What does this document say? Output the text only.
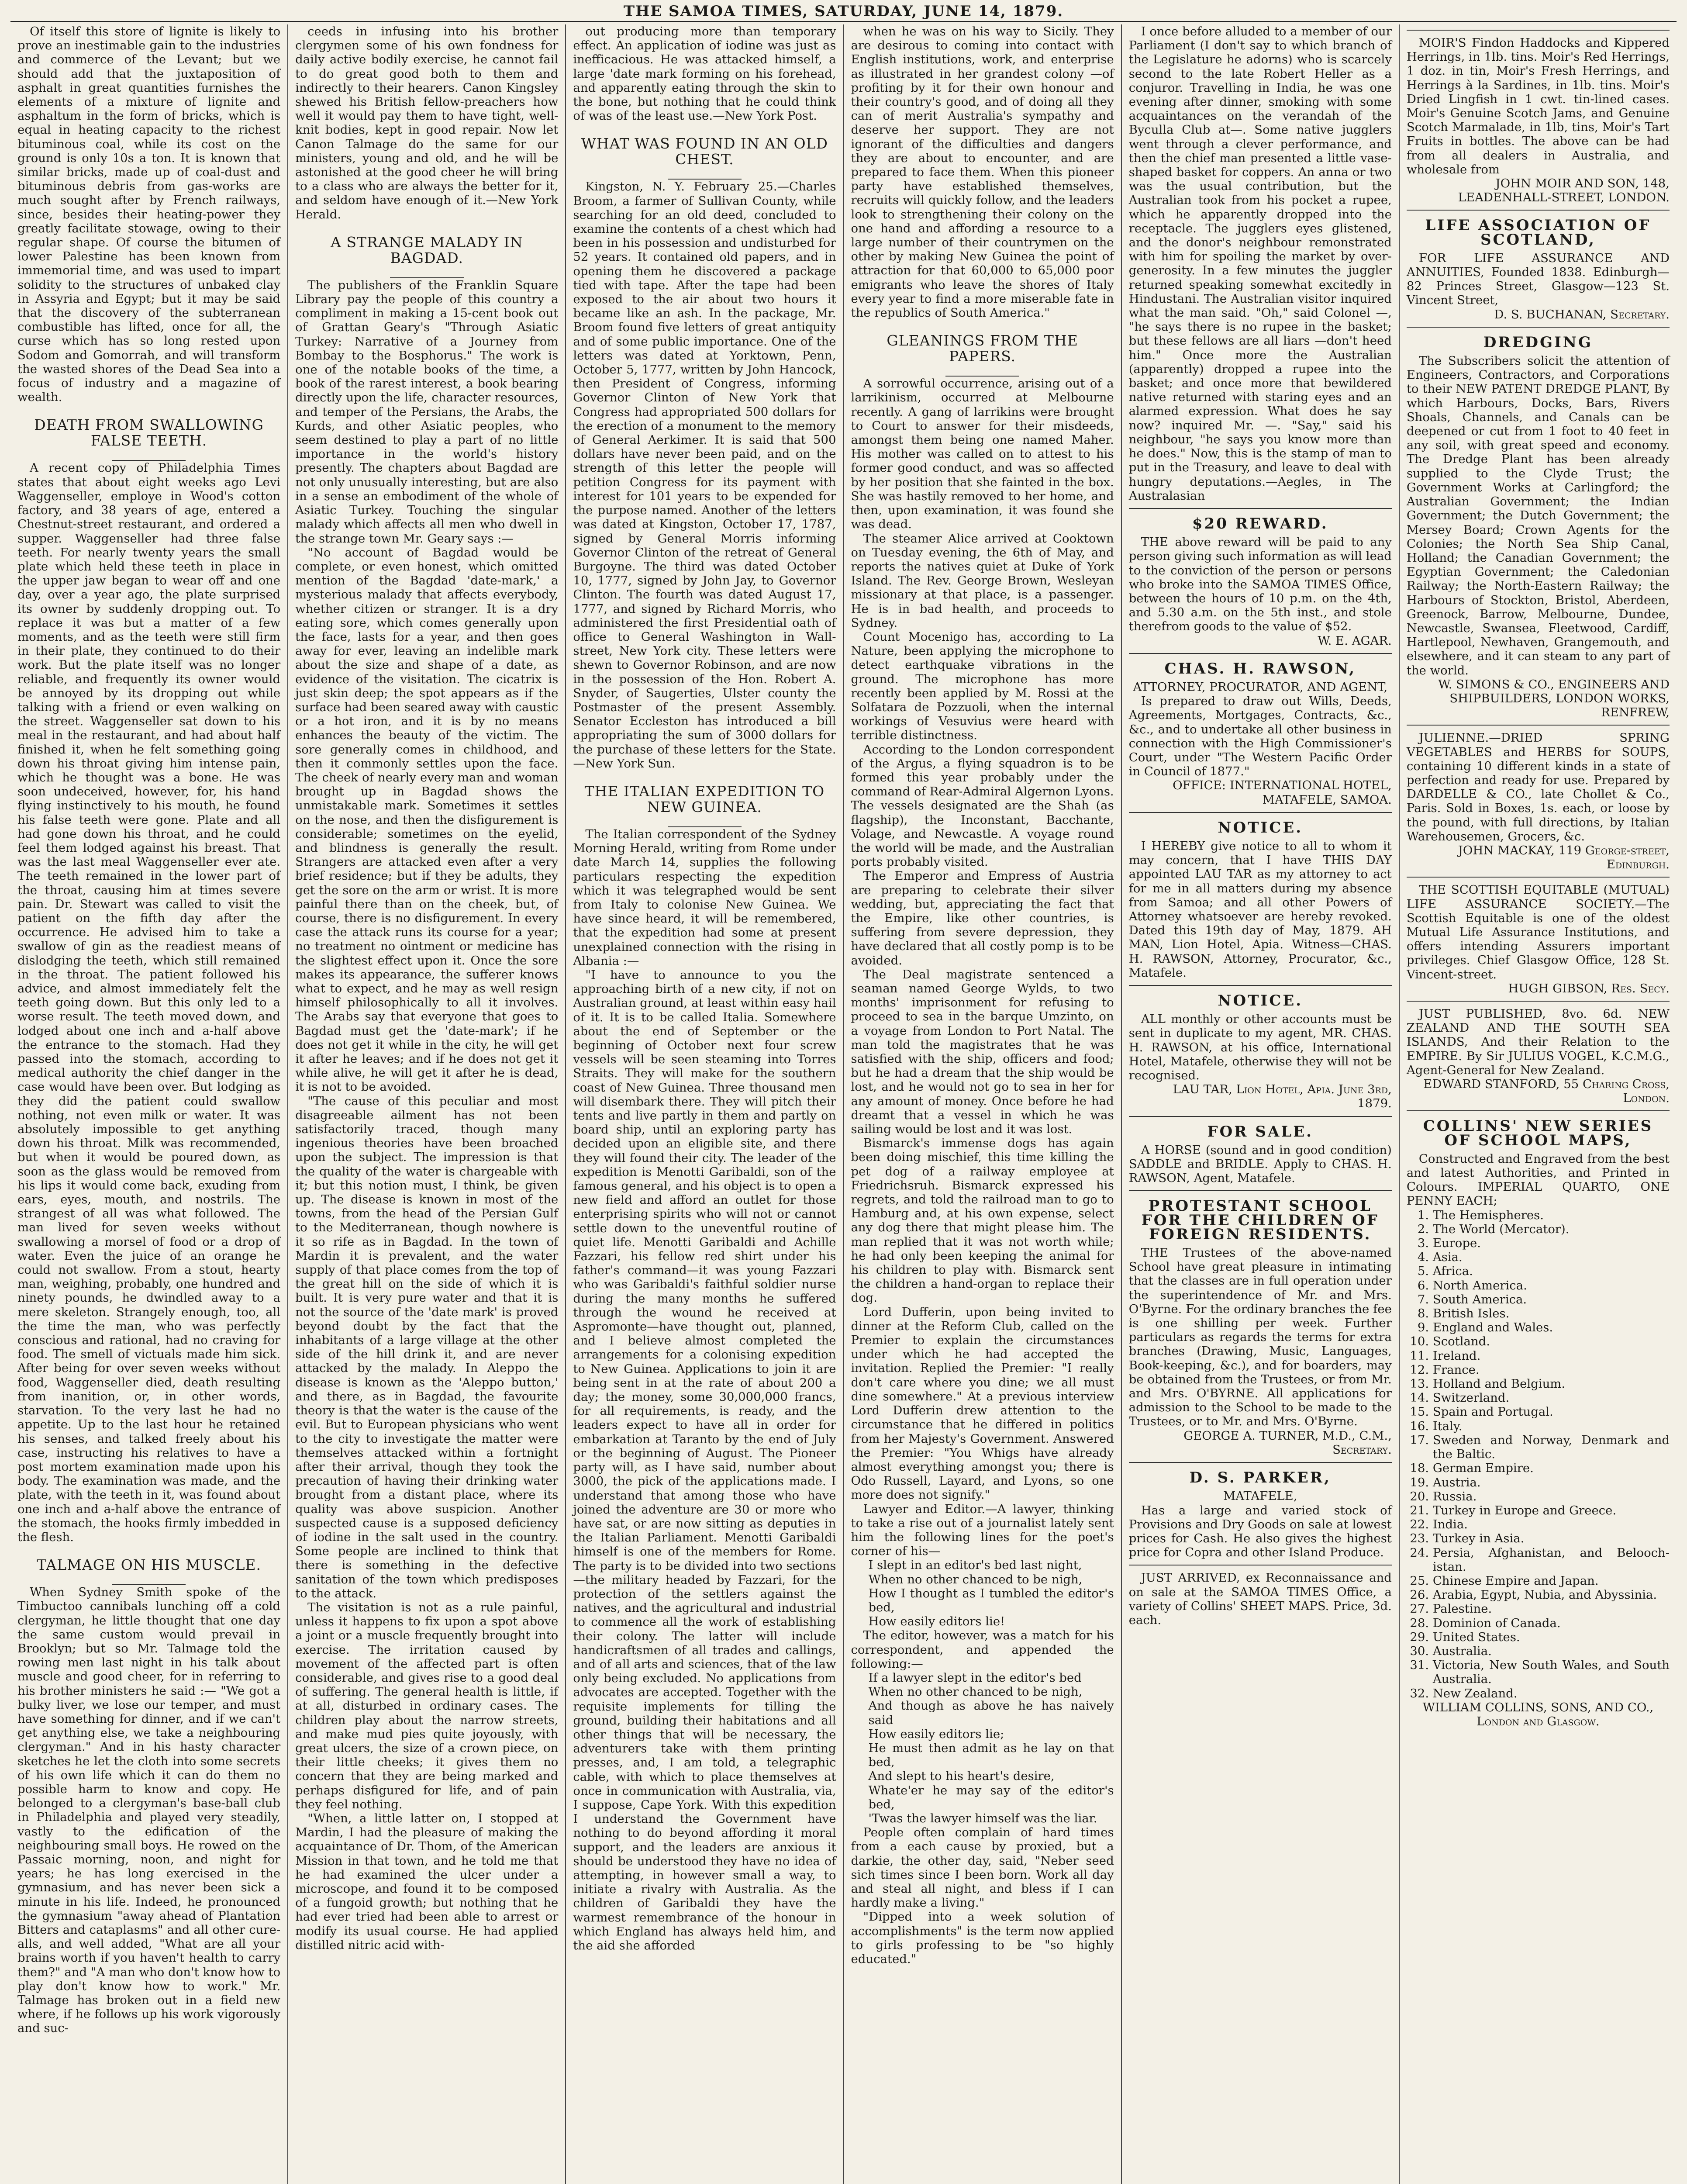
THE SAMOA TIMES, SATURDAY, JUNE 14, 1879.

Of itself this store of lignite is likely to prove an inestimable gain to the industries and commerce of the Levant; but we should add that the juxtaposition of asphalt in great quantities furnishes the elements of a mixture of lignite and asphaltum in the form of bricks, which is equal in heating capacity to the richest bituminous coal, while its cost on the ground is only 10s a ton. It is known that similar bricks, made up of coal-dust and bituminous debris from gas-works are much sought after by French railways, since, besides their heating-power they greatly facilitate stowage, owing to their regular shape. Of course the bitumen of lower Palestine has been known from immemorial time, and was used to impart solidity to the structures of unbaked clay in Assyria and Egypt; but it may be said that the discovery of the subterranean combustible has lifted, once for all, the curse which has so long rested upon Sodom and Gomorrah, and will transform the wasted shores of the Dead Sea into a focus of industry and a magazine of wealth.

DEATH FROM SWALLOWING FALSE TEETH.

A recent copy of Philadelphia Times states that about eight weeks ago Levi Waggenseller, employe in Wood's cotton factory, and 38 years of age, entered a Chestnut-street restaurant, and ordered a supper. Waggenseller had three false teeth. For nearly twenty years the small plate which held these teeth in place in the upper jaw began to wear off and one day, over a year ago, the plate surprised its owner by suddenly dropping out. To replace it was but a matter of a few moments, and as the teeth were still firm in their plate, they continued to do their work. But the plate itself was no longer reliable, and frequently its owner would be annoyed by its dropping out while talking with a friend or even walking on the street. Waggenseller sat down to his meal in the restaurant, and had about half finished it, when he felt something going down his throat giving him intense pain, which he thought was a bone. He was soon undeceived, however, for, his hand flying instinctively to his mouth, he found his false teeth were gone. Plate and all had gone down his throat, and he could feel them lodged against his breast. That was the last meal Waggenseller ever ate. The teeth remained in the lower part of the throat, causing him at times severe pain. Dr. Stewart was called to visit the patient on the fifth day after the occurrence. He advised him to take a swallow of gin as the readiest means of dislodging the teeth, which still remained in the throat. The patient followed his advice, and almost immediately felt the teeth going down. But this only led to a worse result. The teeth moved down, and lodged about one inch and a-half above the entrance to the stomach. Had they passed into the stomach, according to medical authority the chief danger in the case would have been over. But lodging as they did the patient could swallow nothing, not even milk or water. It was absolutely impossible to get anything down his throat. Milk was recommended, but when it would be poured down, as soon as the glass would be removed from his lips it would come back, exuding from ears, eyes, mouth, and nostrils. The strangest of all was what followed. The man lived for seven weeks without swallowing a morsel of food or a drop of water. Even the juice of an orange he could not swallow. From a stout, hearty man, weighing, probably, one hundred and ninety pounds, he dwindled away to a mere skeleton. Strangely enough, too, all the time the man, who was perfectly conscious and rational, had no craving for food. The smell of victuals made him sick. After being for over seven weeks without food, Waggenseller died, death resulting from inanition, or, in other words, starvation. To the very last he had no appetite. Up to the last hour he retained his senses, and talked freely about his case, instructing his relatives to have a post mortem examination made upon his body. The examination was made, and the plate, with the teeth in it, was found about one inch and a-half above the entrance of the stomach, the hooks firmly imbedded in the flesh.

TALMAGE ON HIS MUSCLE.

When Sydney Smith spoke of the Timbuctoo cannibals lunching off a cold clergyman, he little thought that one day the same custom would prevail in Brooklyn; but so Mr. Talmage told the rowing men last night in his talk about muscle and good cheer, for in referring to his brother ministers he said :— "We got a bulky liver, we lose our temper, and must have something for dinner, and if we can't get anything else, we take a neighbouring clergyman." And in his hasty character sketches he let the cloth into some secrets of his own life which it can do them no possible harm to know and copy. He belonged to a clergyman's base-ball club in Philadelphia and played very steadily, vastly to the edification of the neighbouring small boys. He rowed on the Passaic morning, noon, and night for years; he has long exercised in the gymnasium, and has never been sick a minute in his life. Indeed, he pronounced the gymnasium "away ahead of Plantation Bitters and cataplasms" and all other cure-alls, and well added, "What are all your brains worth if you haven't health to carry them?" and "A man who don't know how to play don't know how to work." Mr. Talmage has broken out in a field new where, if he follows up his work vigorously and suc-

ceeds in infusing into his brother clergymen some of his own fondness for daily active bodily exercise, he cannot fail to do great good both to them and indirectly to their hearers. Canon Kingsley shewed his British fellow-preachers how well it would pay them to have tight, well-knit bodies, kept in good repair. Now let Canon Talmage do the same for our ministers, young and old, and he will be astonished at the good cheer he will bring to a class who are always the better for it, and seldom have enough of it.—New York Herald.

A STRANGE MALADY IN BAGDAD.

The publishers of the Franklin Square Library pay the people of this country a compliment in making a 15-cent book out of Grattan Geary's "Through Asiatic Turkey: Narrative of a Journey from Bombay to the Bosphorus." The work is one of the notable books of the time, a book of the rarest interest, a book bearing directly upon the life, character resources, and temper of the Persians, the Arabs, the Kurds, and other Asiatic peoples, who seem destined to play a part of no little importance in the world's history presently. The chapters about Bagdad are not only unusually interesting, but are also in a sense an embodiment of the whole of Asiatic Turkey. Touching the singular malady which affects all men who dwell in the strange town Mr. Geary says :—

"No account of Bagdad would be complete, or even honest, which omitted mention of the Bagdad 'date-mark,' a mysterious malady that affects everybody, whether citizen or stranger. It is a dry eating sore, which comes generally upon the face, lasts for a year, and then goes away for ever, leaving an indelible mark about the size and shape of a date, as evidence of the visitation. The cicatrix is just skin deep; the spot appears as if the surface had been seared away with caustic or a hot iron, and it is by no means enhances the beauty of the victim. The sore generally comes in childhood, and then it commonly settles upon the face. The cheek of nearly every man and woman brought up in Bagdad shows the unmistakable mark. Sometimes it settles on the nose, and then the disfigurement is considerable; sometimes on the eyelid, and blindness is generally the result. Strangers are attacked even after a very brief residence; but if they be adults, they get the sore on the arm or wrist. It is more painful there than on the cheek, but, of course, there is no disfigurement. In every case the attack runs its course for a year; no treatment no ointment or medicine has the slightest effect upon it. Once the sore makes its appearance, the sufferer knows what to expect, and he may as well resign himself philosophically to all it involves. The Arabs say that everyone that goes to Bagdad must get the 'date-mark'; if he does not get it while in the city, he will get it after he leaves; and if he does not get it while alive, he will get it after he is dead, it is not to be avoided.

"The cause of this peculiar and most disagreeable ailment has not been satisfactorily traced, though many ingenious theories have been broached upon the subject. The impression is that the quality of the water is chargeable with it; but this notion must, I think, be given up. The disease is known in most of the towns, from the head of the Persian Gulf to the Mediterranean, though nowhere is it so rife as in Bagdad. In the town of Mardin it is prevalent, and the water supply of that place comes from the top of the great hill on the side of which it is built. It is very pure water and that it is not the source of the 'date mark' is proved beyond doubt by the fact that the inhabitants of a large village at the other side of the hill drink it, and are never attacked by the malady. In Aleppo the disease is known as the 'Aleppo button,' and there, as in Bagdad, the favourite theory is that the water is the cause of the evil. But to European physicians who went to the city to investigate the matter were themselves attacked within a fortnight after their arrival, though they took the precaution of having their drinking water brought from a distant place, where its quality was above suspicion. Another suspected cause is a supposed deficiency of iodine in the salt used in the country. Some people are inclined to think that there is something in the defective sanitation of the town which predisposes to the attack.

The visitation is not as a rule painful, unless it happens to fix upon a spot above a joint or a muscle frequently brought into exercise. The irritation caused by movement of the affected part is often considerable, and gives rise to a good deal of suffering. The general health is little, if at all, disturbed in ordinary cases. The children play about the narrow streets, and make mud pies quite joyously, with great ulcers, the size of a crown piece, on their little cheeks; it gives them no concern that they are being marked and perhaps disfigured for life, and of pain they feel nothing.

"When, a little latter on, I stopped at Mardin, I had the pleasure of making the acquaintance of Dr. Thom, of the American Mission in that town, and he told me that he had examined the ulcer under a microscope, and found it to be composed of a fungoid growth; but nothing that he had ever tried had been able to arrest or modify its usual course. He had applied distilled nitric acid with-

out producing more than temporary effect. An application of iodine was just as inefficacious. He was attacked himself, a large 'date mark forming on his forehead, and apparently eating through the skin to the bone, but nothing that he could think of was of the least use.—New York Post.

WHAT WAS FOUND IN AN OLD CHEST.

Kingston, N. Y. February 25.—Charles Broom, a farmer of Sullivan County, while searching for an old deed, concluded to examine the contents of a chest which had been in his possession and undisturbed for 52 years. It contained old papers, and in opening them he discovered a package tied with tape. After the tape had been exposed to the air about two hours it became like an ash. In the package, Mr. Broom found five letters of great antiquity and of some public importance. One of the letters was dated at Yorktown, Penn, October 5, 1777, written by John Hancock, then President of Congress, informing Governor Clinton of New York that Congress had appropriated 500 dollars for the erection of a monument to the memory of General Aerkimer. It is said that 500 dollars have never been paid, and on the strength of this letter the people will petition Congress for its payment with interest for 101 years to be expended for the purpose named. Another of the letters was dated at Kingston, October 17, 1787, signed by General Morris informing Governor Clinton of the retreat of General Burgoyne. The third was dated October 10, 1777, signed by John Jay, to Governor Clinton. The fourth was dated August 17, 1777, and signed by Richard Morris, who administered the first Presidential oath of office to General Washington in Wall-street, New York city. These letters were shewn to Governor Robinson, and are now in the possession of the Hon. Robert A. Snyder, of Saugerties, Ulster county the Postmaster of the present Assembly. Senator Eccleston has introduced a bill appropriating the sum of 3000 dollars for the purchase of these letters for the State.—New York Sun.

THE ITALIAN EXPEDITION TO NEW GUINEA.

The Italian correspondent of the Sydney Morning Herald, writing from Rome under date March 14, supplies the following particulars respecting the expedition which it was telegraphed would be sent from Italy to colonise New Guinea. We have since heard, it will be remembered, that the expedition had some at present unexplained connection with the rising in Albania :—

"I have to announce to you the approaching birth of a new city, if not on Australian ground, at least within easy hail of it. It is to be called Italia. Somewhere about the end of September or the beginning of October next four screw vessels will be seen steaming into Torres Straits. They will make for the southern coast of New Guinea. Three thousand men will disembark there. They will pitch their tents and live partly in them and partly on board ship, until an exploring party has decided upon an eligible site, and there they will found their city. The leader of the expedition is Menotti Garibaldi, son of the famous general, and his object is to open a new field and afford an outlet for those enterprising spirits who will not or cannot settle down to the uneventful routine of quiet life. Menotti Garibaldi and Achille Fazzari, his fellow red shirt under his father's command—it was young Fazzari who was Garibaldi's faithful soldier nurse during the many months he suffered through the wound he received at Aspromonte—have thought out, planned, and I believe almost completed the arrangements for a colonising expedition to New Guinea. Applications to join it are being sent in at the rate of about 200 a day; the money, some 30,000,000 francs, for all requirements, is ready, and the leaders expect to have all in order for embarkation at Taranto by the end of July or the beginning of August. The Pioneer party will, as I have said, number about 3000, the pick of the applications made. I understand that among those who have joined the adventure are 30 or more who have sat, or are now sitting as deputies in the Italian Parliament. Menotti Garibaldi himself is one of the members for Rome. The party is to be divided into two sections—the military headed by Fazzari, for the protection of the settlers against the natives, and the agricultural and industrial to commence all the work of establishing their colony. The latter will include handicraftsmen of all trades and callings, and of all arts and sciences, that of the law only being excluded. No applications from advocates are accepted. Together with the requisite implements for tilling the ground, building their habitations and all other things that will be necessary, the adventurers take with them printing presses, and, I am told, a telegraphic cable, with which to place themselves at once in communication with Australia, via, I suppose, Cape York. With this expedition I understand the Government have nothing to do beyond affording it moral support, and the leaders are anxious it should be understood they have no idea of attempting, in however small a way, to initiate a rivalry with Australia. As the children of Garibaldi they have the warmest remembrance of the honour in which England has always held him, and the aid she afforded

when he was on his way to Sicily. They are desirous to coming into contact with English institutions, work, and enterprise as illustrated in her grandest colony —of profiting by it for their own honour and their country's good, and of doing all they can of merit Australia's sympathy and deserve her support. They are not ignorant of the difficulties and dangers they are about to encounter, and are prepared to face them. When this pioneer party have established themselves, recruits will quickly follow, and the leaders look to strengthening their colony on the one hand and affording a resource to a large number of their countrymen on the other by making New Guinea the point of attraction for that 60,000 to 65,000 poor emigrants who leave the shores of Italy every year to find a more miserable fate in the republics of South America."

GLEANINGS FROM THE PAPERS.

A sorrowful occurrence, arising out of a larrikinism, occurred at Melbourne recently. A gang of larrikins were brought to Court to answer for their misdeeds, amongst them being one named Maher. His mother was called on to attest to his former good conduct, and was so affected by her position that she fainted in the box. She was hastily removed to her home, and then, upon examination, it was found she was dead.

The steamer Alice arrived at Cooktown on Tuesday evening, the 6th of May, and reports the natives quiet at Duke of York Island. The Rev. George Brown, Wesleyan missionary at that place, is a passenger. He is in bad health, and proceeds to Sydney.

Count Mocenigo has, according to La Nature, been applying the microphone to detect earthquake vibrations in the ground. The microphone has more recently been applied by M. Rossi at the Solfatara de Pozzuoli, when the internal workings of Vesuvius were heard with terrible distinctness.

According to the London correspondent of the Argus, a flying squadron is to be formed this year probably under the command of Rear-Admiral Algernon Lyons. The vessels designated are the Shah (as flagship), the Inconstant, Bacchante, Volage, and Newcastle. A voyage round the world will be made, and the Australian ports probably visited.

The Emperor and Empress of Austria are preparing to celebrate their silver wedding, but, appreciating the fact that the Empire, like other countries, is suffering from severe depression, they have declared that all costly pomp is to be avoided.

The Deal magistrate sentenced a seaman named George Wylds, to two months' imprisonment for refusing to proceed to sea in the barque Umzinto, on a voyage from London to Port Natal. The man told the magistrates that he was satisfied with the ship, officers and food; but he had a dream that the ship would be lost, and he would not go to sea in her for any amount of money. Once before he had dreamt that a vessel in which he was sailing would be lost and it was lost.

Bismarck's immense dogs has again been doing mischief, this time killing the pet dog of a railway employee at Friedrichsruh. Bismarck expressed his regrets, and told the railroad man to go to Hamburg and, at his own expense, select any dog there that might please him. The man replied that it was not worth while; he had only been keeping the animal for his children to play with. Bismarck sent the children a hand-organ to replace their dog.

Lord Dufferin, upon being invited to dinner at the Reform Club, called on the Premier to explain the circumstances under which he had accepted the invitation. Replied the Premier: "I really don't care where you dine; we all must dine somewhere." At a previous interview Lord Dufferin drew attention to the circumstance that he differed in politics from her Majesty's Government. Answered the Premier: "You Whigs have already almost everything amongst you; there is Odo Russell, Layard, and Lyons, so one more does not signify."

Lawyer and Editor.—A lawyer, thinking to take a rise out of a journalist lately sent him the following lines for the poet's corner of his—

I slept in an editor's bed last night,
When no other chanced to be nigh,
How I thought as I tumbled the editor's bed,
How easily editors lie!

The editor, however, was a match for his correspondent, and appended the following:—

If a lawyer slept in the editor's bed
When no other chanced to be nigh,
And though as above he has naively said
How easily editors lie;
He must then admit as he lay on that bed,
And slept to his heart's desire,
Whate'er he may say of the editor's bed,
'Twas the lawyer himself was the liar.

People often complain of hard times from a each cause by proxied, but a darkie, the other day, said, "Neber seed sich times since I been born. Work all day and steal all night, and bless if I can hardly make a living."

"Dipped into a week solution of accomplishments" is the term now applied to girls professing to be "so highly educated."

I once before alluded to a member of our Parliament (I don't say to which branch of the Legislature he adorns) who is scarcely second to the late Robert Heller as a conjuror. Travelling in India, he was one evening after dinner, smoking with some acquaintances on the verandah of the Byculla Club at—. Some native jugglers went through a clever performance, and then the chief man presented a little vase-shaped basket for coppers. An anna or two was the usual contribution, but the Australian took from his pocket a rupee, which he apparently dropped into the receptacle. The jugglers eyes glistened, and the donor's neighbour remonstrated with him for spoiling the market by over-generosity. In a few minutes the juggler returned speaking somewhat excitedly in Hindustani. The Australian visitor inquired what the man said. "Oh," said Colonel —, "he says there is no rupee in the basket; but these fellows are all liars —don't heed him." Once more the Australian (apparently) dropped a rupee into the basket; and once more that bewildered native returned with staring eyes and an alarmed expression. What does he say now? inquired Mr. —. "Say," said his neighbour, "he says you know more than he does." Now, this is the stamp of man to put in the Treasury, and leave to deal with hungry deputations.—Aegles, in The Australasian

$20 REWARD.

THE above reward will be paid to any person giving such information as will lead to the conviction of the person or persons who broke into the SAMOA TIMES Office, between the hours of 10 p.m. on the 4th, and 5.30 a.m. on the 5th inst., and stole therefrom goods to the value of $52.

W. E. AGAR.

CHAS. H. RAWSON,

ATTORNEY, PROCURATOR, AND AGENT,

Is prepared to draw out Wills, Deeds, Agreements, Mortgages, Contracts, &c., &c., and to undertake all other business in connection with the High Commissioner's Court, under "The Western Pacific Order in Council of 1877."

OFFICE: INTERNATIONAL HOTEL, MATAFELE, SAMOA.

NOTICE.

I HEREBY give notice to all to whom it may concern, that I have THIS DAY appointed LAU TAR as my attorney to act for me in all matters during my absence from Samoa; and all other Powers of Attorney whatsoever are hereby revoked. Dated this 19th day of May, 1879. AH MAN, Lion Hotel, Apia. Witness—CHAS. H. RAWSON, Attorney, Procurator, &c., Matafele.

NOTICE.

ALL monthly or other accounts must be sent in duplicate to my agent, MR. CHAS. H. RAWSON, at his office, International Hotel, Matafele, otherwise they will not be recognised.

LAU TAR, Lion Hotel, Apia. June 3rd, 1879.

FOR SALE.

A HORSE (sound and in good condition) SADDLE and BRIDLE. Apply to CHAS. H. RAWSON, Agent, Matafele.

PROTESTANT SCHOOL FOR THE CHILDREN OF FOREIGN RESIDENTS.

THE Trustees of the above-named School have great pleasure in intimating that the classes are in full operation under the superintendence of Mr. and Mrs. O'Byrne. For the ordinary branches the fee is one shilling per week. Further particulars as regards the terms for extra branches (Drawing, Music, Languages, Book-keeping, &c.), and for boarders, may be obtained from the Trustees, or from Mr. and Mrs. O'BYRNE. All applications for admission to the School to be made to the Trustees, or to Mr. and Mrs. O'Byrne.

GEORGE A. TURNER, M.D., C.M., Secretary.

D. S. PARKER,

MATAFELE,

Has a large and varied stock of Provisions and Dry Goods on sale at lowest prices for Cash. He also gives the highest price for Copra and other Island Produce.

JUST ARRIVED, ex Reconnaissance and on sale at the SAMOA TIMES Office, a variety of Collins' SHEET MAPS. Price, 3d. each.

MOIR'S Findon Haddocks and Kippered Herrings, in 1lb. tins. Moir's Red Herrings, 1 doz. in tin, Moir's Fresh Herrings, and Herrings à la Sardines, in 1lb. tins. Moir's Dried Lingfish in 1 cwt. tin-lined cases. Moir's Genuine Scotch Jams, and Genuine Scotch Marmalade, in 1lb, tins, Moir's Tart Fruits in bottles. The above can be had from all dealers in Australia, and wholesale from

JOHN MOIR AND SON, 148, LEADENHALL-STREET, LONDON.

LIFE ASSOCIATION OF SCOTLAND,

FOR LIFE ASSURANCE AND ANNUITIES, Founded 1838. Edinburgh—82 Princes Street, Glasgow—123 St. Vincent Street,

D. S. BUCHANAN, Secretary.

DREDGING

The Subscribers solicit the attention of Engineers, Contractors, and Corporations to their NEW PATENT DREDGE PLANT, By which Harbours, Docks, Bars, Rivers Shoals, Channels, and Canals can be deepened or cut from 1 foot to 40 feet in any soil, with great speed and economy. The Dredge Plant has been already supplied to the Clyde Trust; the Government Works at Carlingford; the Australian Government; the Indian Government; the Dutch Government; the Mersey Board; Crown Agents for the Colonies; the North Sea Ship Canal, Holland; the Canadian Government; the Egyptian Government; the Caledonian Railway; the North-Eastern Railway; the Harbours of Stockton, Bristol, Aberdeen, Greenock, Barrow, Melbourne, Dundee, Newcastle, Swansea, Fleetwood, Cardiff, Hartlepool, Newhaven, Grangemouth, and elsewhere, and it can steam to any part of the world.

W. SIMONS & CO., ENGINEERS AND SHIPBUILDERS, LONDON WORKS, RENFREW,

JULIENNE.—DRIED SPRING VEGETABLES and HERBS for SOUPS, containing 10 different kinds in a state of perfection and ready for use. Prepared by DARDELLE & CO., late Chollet & Co., Paris. Sold in Boxes, 1s. each, or loose by the pound, with full directions, by Italian Warehousemen, Grocers, &c.

JOHN MACKAY, 119 George-street, Edinburgh.

THE SCOTTISH EQUITABLE (MUTUAL) LIFE ASSURANCE SOCIETY.—The Scottish Equitable is one of the oldest Mutual Life Assurance Institutions, and offers intending Assurers important privileges. Chief Glasgow Office, 128 St. Vincent-street.

HUGH GIBSON, Res. Secy.

JUST PUBLISHED, 8vo. 6d. NEW ZEALAND AND THE SOUTH SEA ISLANDS, And their Relation to the EMPIRE. By Sir JULIUS VOGEL, K.C.M.G., Agent-General for New Zealand.

EDWARD STANFORD, 55 Charing Cross, London.

COLLINS' NEW SERIES OF SCHOOL MAPS,

Constructed and Engraved from the best and latest Authorities, and Printed in Colours. IMPERIAL QUARTO, ONE PENNY EACH;

1. The Hemispheres.
2. The World (Mercator).
3. Europe.
4. Asia.
5. Africa.
6. North America.
7. South America.
8. British Isles.
9. England and Wales.
10. Scotland.
11. Ireland.
12. France.
13. Holland and Belgium.
14. Switzerland.
15. Spain and Portugal.
16. Italy.
17. Sweden and Norway, Denmark and the Baltic.
18. German Empire.
19. Austria.
20. Russia.
21. Turkey in Europe and Greece.
22. India.
23. Turkey in Asia.
24. Persia, Afghanistan, and Belooch-istan.
25. Chinese Empire and Japan.
26. Arabia, Egypt, Nubia, and Abyssinia.
27. Palestine.
28. Dominion of Canada.
29. United States.
30. Australia.
31. Victoria, New South Wales, and South Australia.
32. New Zealand.

WILLIAM COLLINS, SONS, AND CO., London and Glasgow.
